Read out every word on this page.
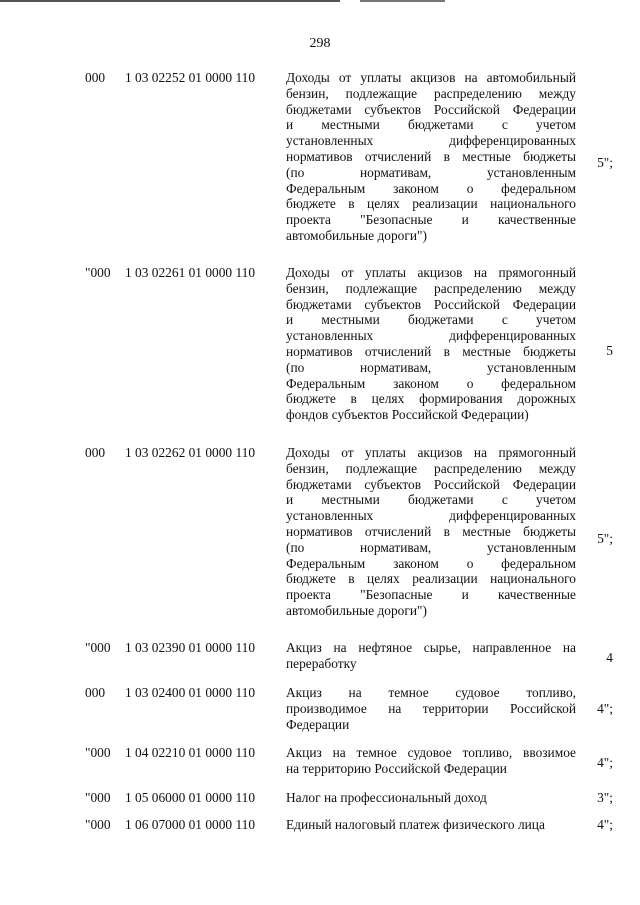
298
000 1 03 02252 01 0000 110 Доходы от уплаты акцизов на автомобильный
бензин, подлежащие распределению между
бюджетами субъектов Российской Федерации
и местными бюджетами с учетом
установленных дифференцированных
нормативов отчислений в местные бюджеты
(по нормативам, установленным
Федеральным законом о федеральном
бюджете в целях реализации национального
проекта "Безопасные и качественные
автомобильные дороги")
5";
"000 1 03 02261 01 0000 110 Доходы от уплаты акцизов на прямогонный
бензин, подлежащие распределению между
бюджетами субъектов Российской Федерации
и местными бюджетами с учетом
установленных дифференцированных
нормативов отчислений в местные бюджеты
(по нормативам, установленным
Федеральным законом о федеральном
бюджете в целях формирования дорожных
фондов субъектов Российской Федерации)
5
000 1 03 02262 01 0000 110 Доходы от уплаты акцизов на прямогонный
бензин, подлежащие распределению между
бюджетами субъектов Российской Федерации
и местными бюджетами с учетом
установленных дифференцированных
нормативов отчислений в местные бюджеты
(по нормативам, установленным
Федеральным законом о федеральном
бюджете в целях реализации национального
проекта "Безопасные и качественные
автомобильные дороги")
5";
"000 1 03 02390 01 0000 110 Акциз на нефтяное сырье, направленное на
переработку	4
000 1 03 02400 01 0000 110 Акциз на темное судовое топливо,
производимое на территории Российской
Федерации
4";
"000 1 04 02210 01 0000 110 Акциз на темное судовое топливо, ввозимое
на территорию Российской Федерации	4";
"000 1 05 06000 01 0000 110 Налог на профессиональный доход	3";
"000 1 06 07000 01 0000 110 Единый налоговый платеж физического лица	4";
